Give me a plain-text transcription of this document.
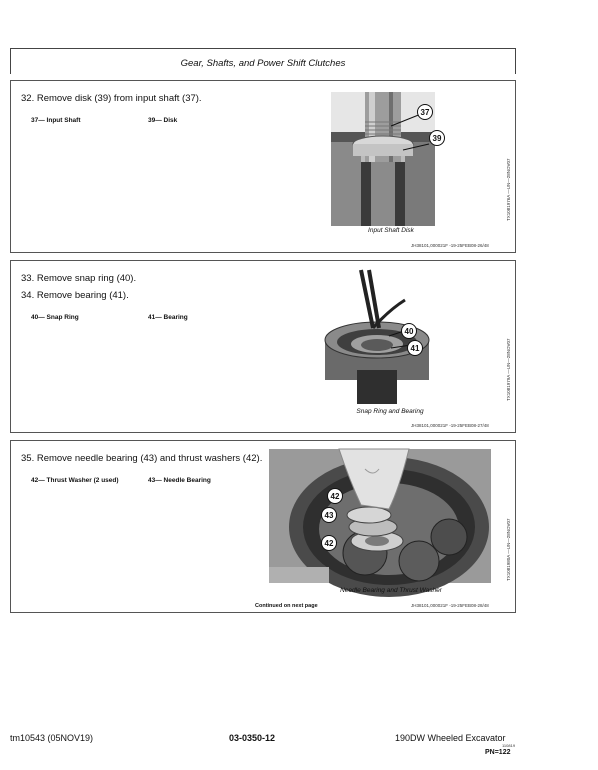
Gear, Shafts, and Power Shift Clutches
32. Remove disk (39) from input shaft (37).
37— Input Shaft	39— Disk
37
39
Input Shaft Disk
TX1081976A —UN—28NOV07
JH38101,000021F -19-25FEB08-26/48
33. Remove snap ring (40).
34. Remove bearing (41).
40— Snap Ring	41— Bearing
40
41
Snap Ring and Bearing
TX1081979A —UN—28NOV07
JH38101,000021F -19-25FEB08-27/48
35. Remove needle bearing (43) and thrust washers (42).
42— Thrust Washer (2 used)	43— Needle Bearing
42
43
42
Needle Bearing and Thrust Washer
TX1081980A —UN—28NOV07
Continued on next page	JH38101,000021F -19-25FEB08-28/48
tm10543 (05NOV19)	03-0350-12	190DW Wheeled Excavator
110819
PN=122
